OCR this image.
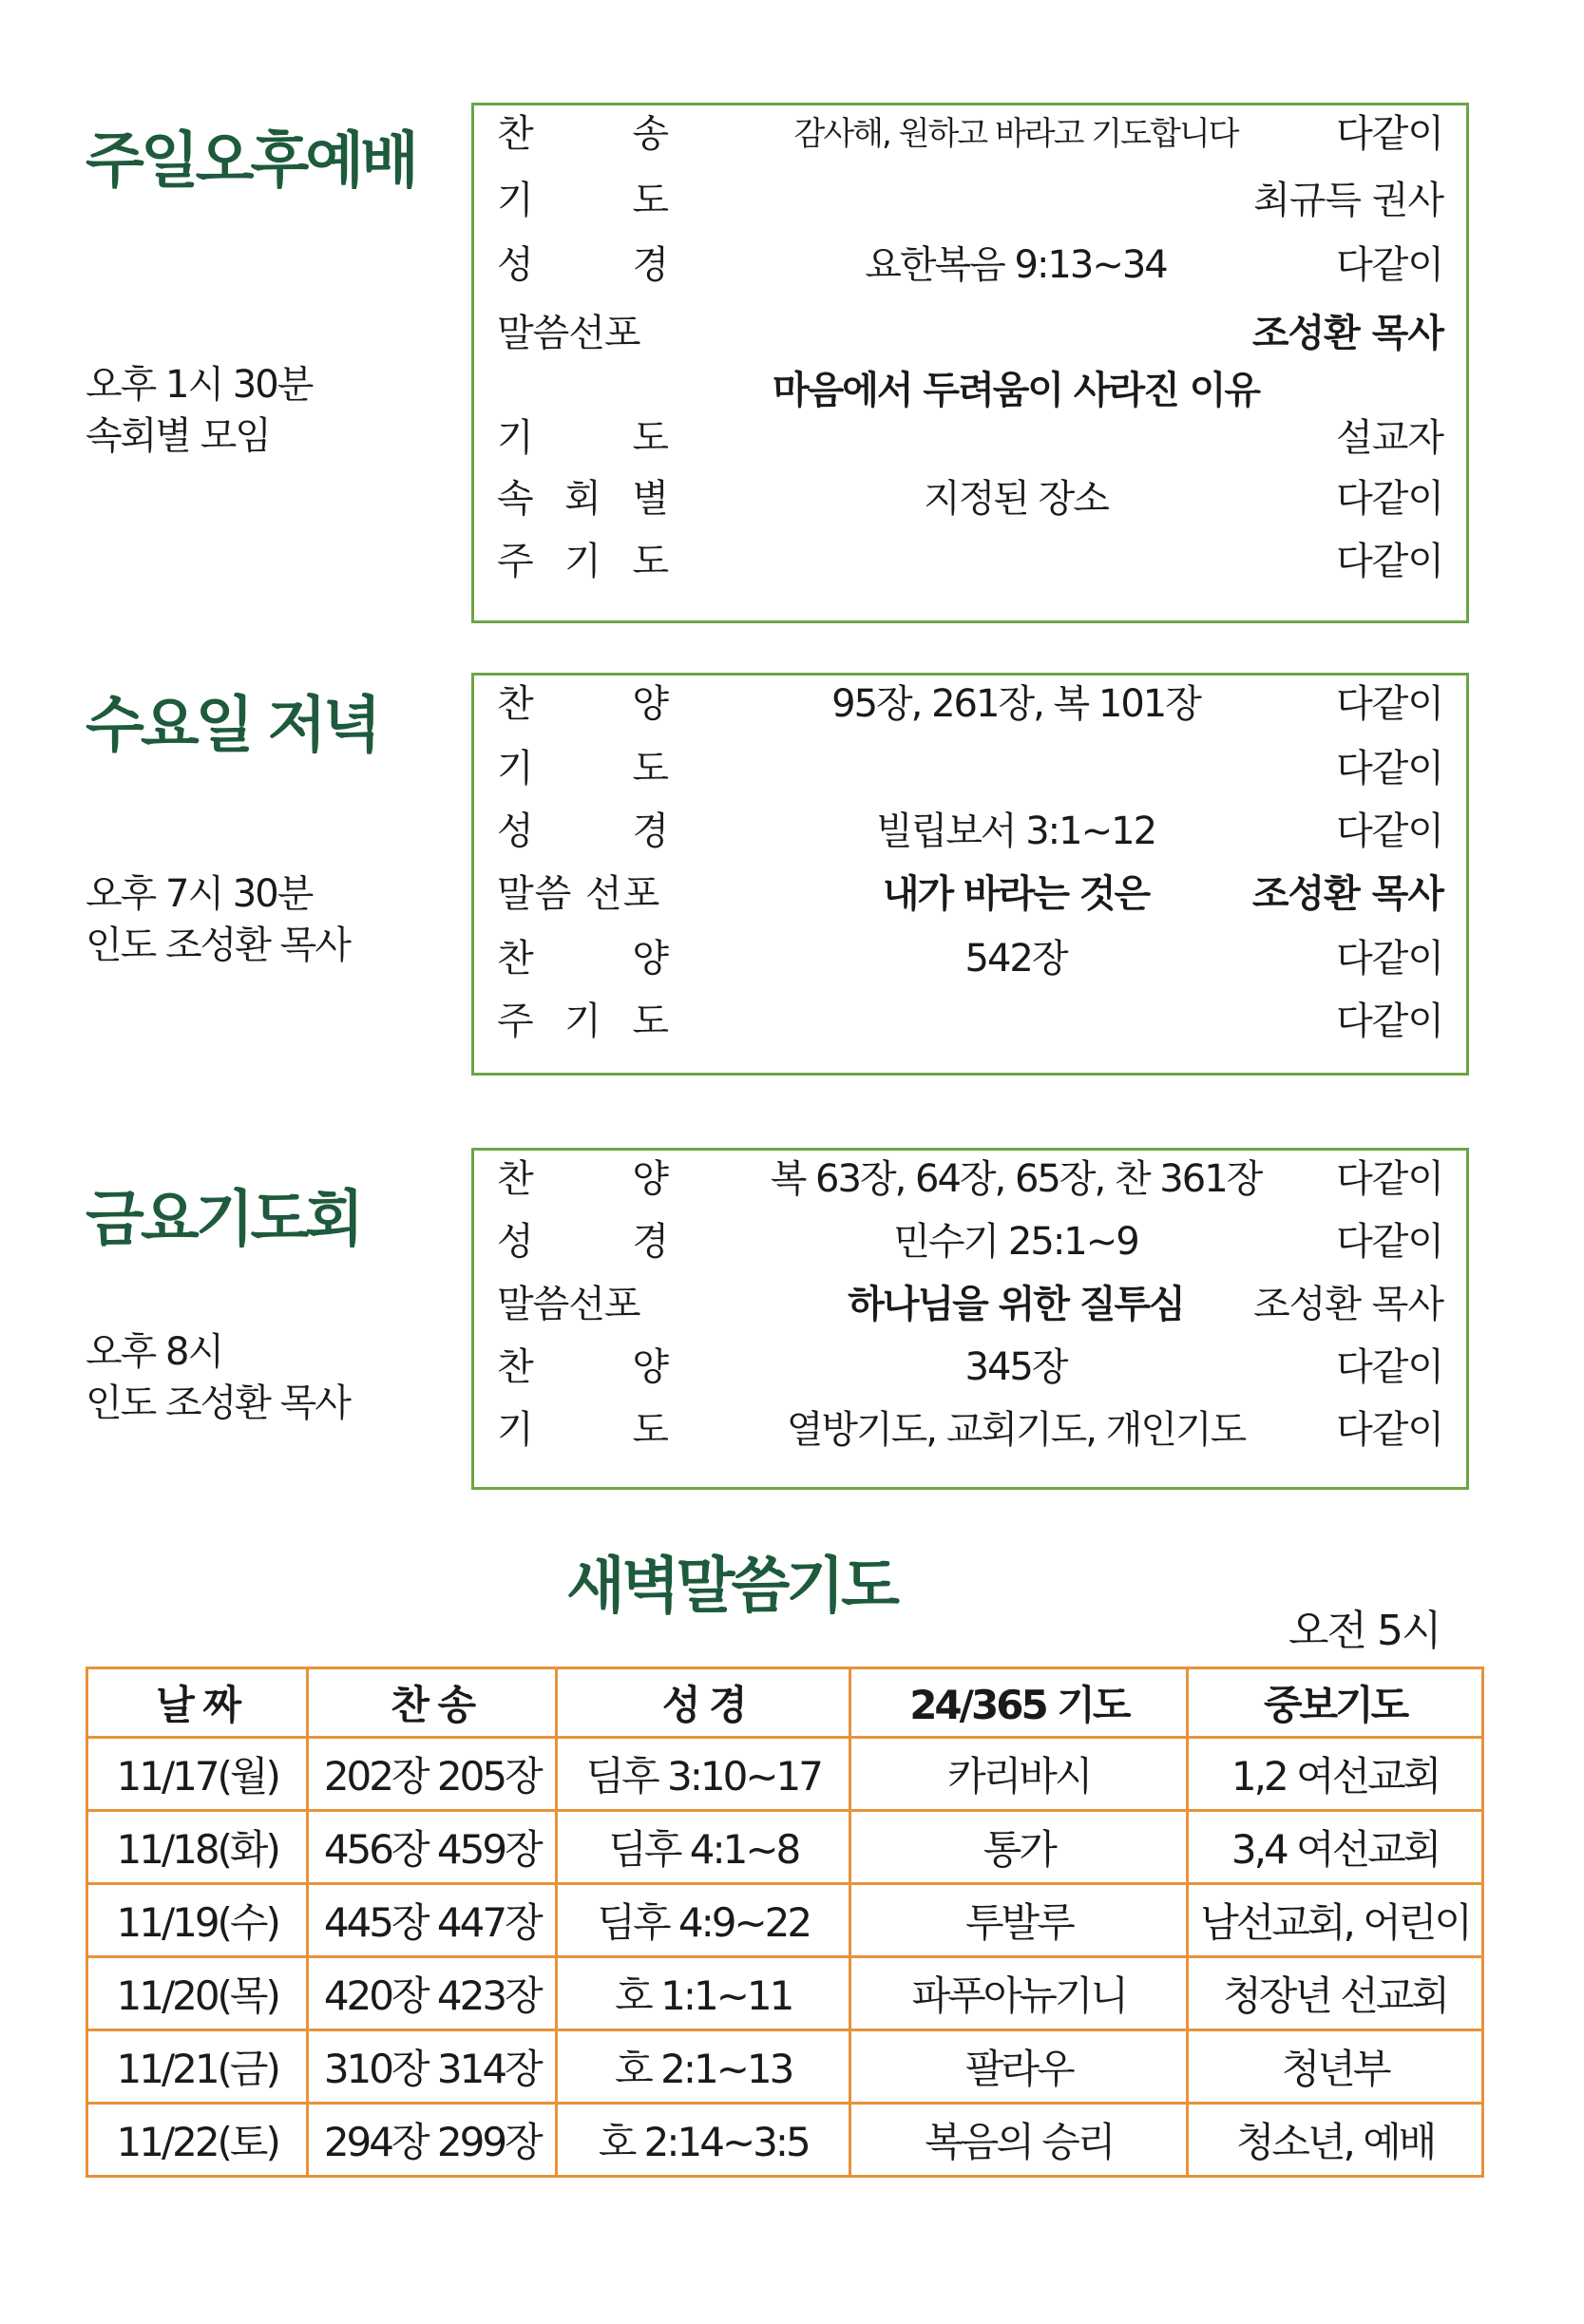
주일오후예배
오후 1시 30분
속회별 모임
찬	송	감사해, 원하고 바라고 기도합니다	다같이
기	도	최규득 권사
성	경	요한복음 9:13~34	다같이
말씀선포	조성환 목사
마음에서 두려움이 사라진 이유
기	도	설교자
속 회 별	지정된 장소	다같이
주 기 도	다같이
수요일 저녁
오후 7시 30분
인도 조성환 목사
찬	양	95장, 261장, 복 101장	다같이
기	도	다같이
성	경	빌립보서 3:1~12	다같이
말씀 선포	내가 바라는 것은	조성환 목사
찬	양	542장	다같이
주 기 도	다같이
금요기도회
오후 8시
인도 조성환 목사
찬	양	복 63장, 64장, 65장, 찬 361장	다같이
성	경	민수기 25:1~9	다같이
말씀선포	하나님을 위한 질투심	조성환 목사
찬	양	345장	다같이
기	도	열방기도, 교회기도, 개인기도	다같이
새벽말씀기도
오전 5시
날 짜	찬 송	성 경	24/365 기도	중보기도
11/17(월)	202장 205장	딤후 3:10~17	카리바시	1,2 여선교회
11/18(화)	456장 459장	딤후 4:1~8	통가	3,4 여선교회
11/19(수)	445장 447장	딤후 4:9~22	투발루	남선교회, 어린이
11/20(목)	420장 423장	호 1:1~11	파푸아뉴기니	청장년 선교회
11/21(금)	310장 314장	호 2:1~13	팔라우	청년부
11/22(토)	294장 299장	호 2:14~3:5	복음의 승리	청소년, 예배
